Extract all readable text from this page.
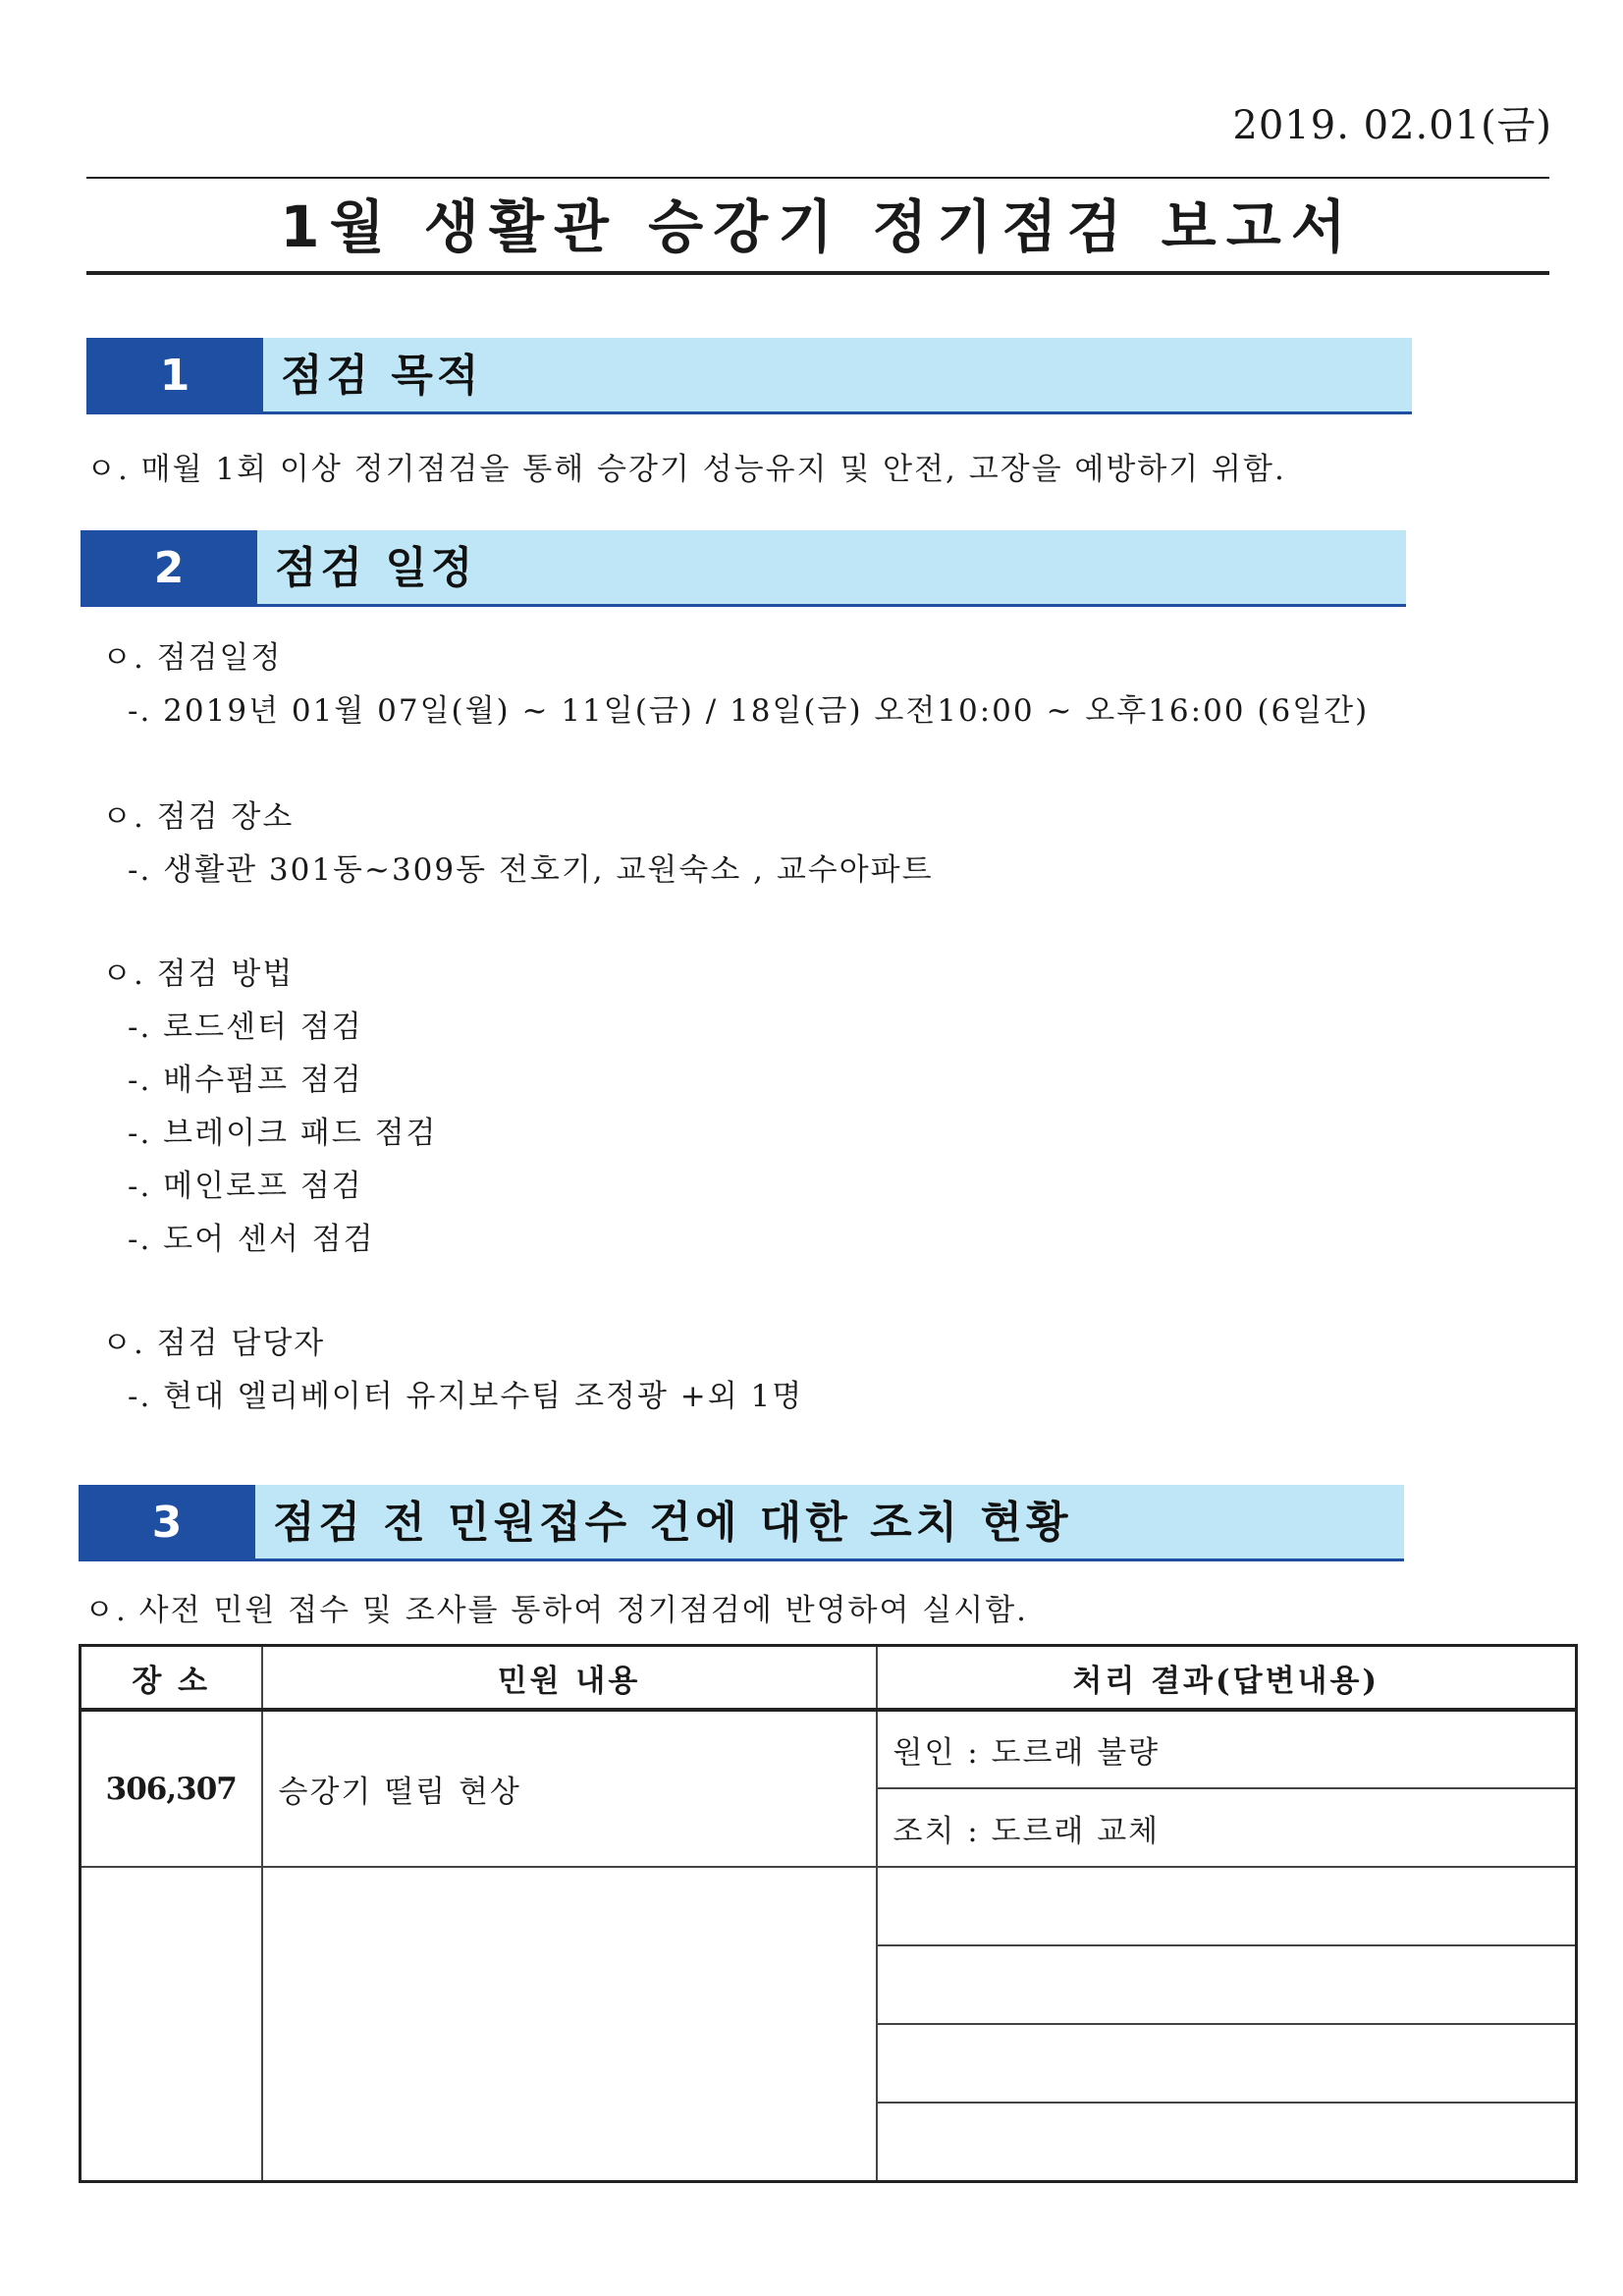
2019. 02.01(금)
1월 생활관 승강기 정기점검 보고서
1	점검 목적
ㅇ. 매월 1회 이상 정기점검을 통해 승강기 성능유지 및 안전, 고장을 예방하기 위함.
2	점검 일정
ㅇ. 점검일정
-. 2019년 01월 07일(월) ~ 11일(금) / 18일(금) 오전10:00 ~ 오후16:00 (6일간)
ㅇ. 점검 장소
-. 생활관 301동~309동 전호기, 교원숙소 , 교수아파트
ㅇ. 점검 방법
-. 로드센터 점검
-. 배수펌프 점검
-. 브레이크 패드 점검
-. 메인로프 점검
-. 도어 센서 점검
ㅇ. 점검 담당자
-. 현대 엘리베이터 유지보수팀 조정광 +외 1명
3	점검 전 민원접수 건에 대한 조치 현황
ㅇ. 사전 민원 접수 및 조사를 통하여 정기점검에 반영하여 실시함.
장 소	민원 내용	처리 결과(답변내용)
306,307	승강기 떨림 현상	원인 : 도르래 불량
		조치 : 도르래 교체
